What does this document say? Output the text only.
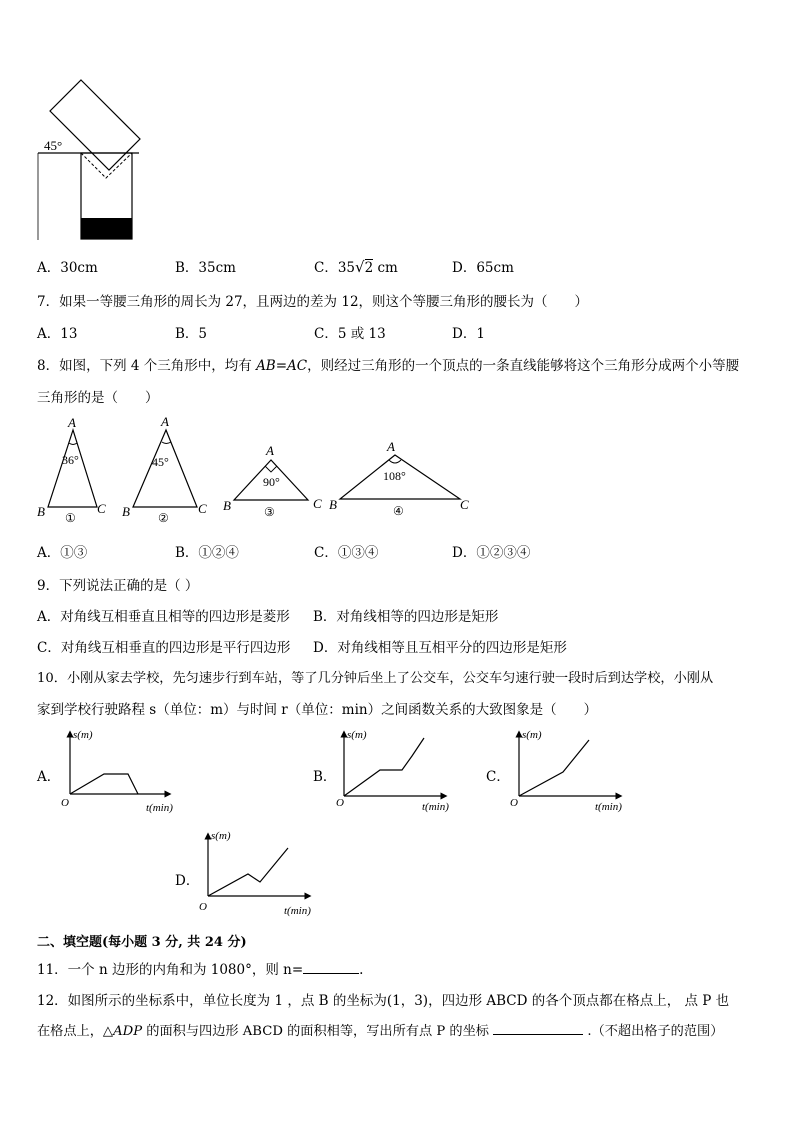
45°
A．30cm	B．35cm	C．35√2 cm	D．65cm
7．如果一等腰三角形的周长为 27，且两边的差为 12，则这个等腰三角形的腰长为（　　）
A．13	B．5	C．5 或 13	D．1
8．如图，下列 4 个三角形中，均有 AB=AC，则经过三角形的一个顶点的一条直线能够将这个三角形分成两个小等腰
三角形的是（　　）
A
36°
B	C
①
A
45°
B	C
②
A
90°
B	C
③
A
108°
B	C
④
A．①③	B．①②④	C．①③④	D．①②③④
9．下列说法正确的是（ ）
A．对角线互相垂直且相等的四边形是菱形 B．对角线相等的四边形是矩形
C．对角线互相垂直的四边形是平行四边形 D．对角线相等且互相平分的四边形是矩形
10．小刚从家去学校，先匀速步行到车站，等了几分钟后坐上了公交车，公交车匀速行驶一段时后到达学校，小刚从
家到学校行驶路程 s（单位：m）与时间 r（单位：min）之间函数关系的大致图象是（　　）
A．
s(m)
t(min)
O
B．
s(m)
t(min)
O
C．
s(m)
t(min)
O
D．
s(m)
t(min)
O
二、填空题(每小题 3 分, 共 24 分)
11．一个 n 边形的内角和为 1080°，则 n=	.
12．如图所示的坐标系中，单位长度为 1 ，点 B 的坐标为(1，3)，四边形 ABCD 的各个顶点都在格点上， 点 P 也
在格点上，△ADP 的面积与四边形 ABCD 的面积相等，写出所有点 P 的坐标	.（不超出格子的范围）
